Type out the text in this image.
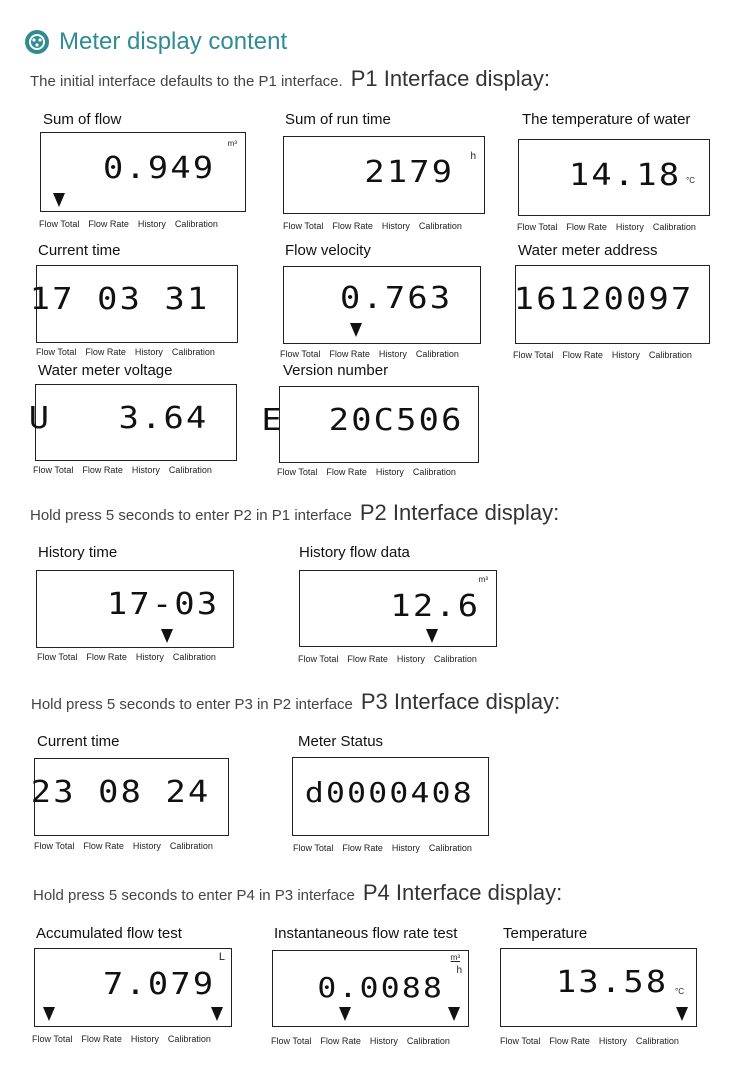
Meter display content
The initial interface defaults to the P1 interface. P1 Interface display:
Sum of flow
0.949
m³
Flow Total Flow Rate History Calibration
Sum of run time
2179 h
Flow Total Flow Rate History Calibration
The temperature of water
14.18 °C
Flow Total Flow Rate History Calibration
Current time
17 03 31
Flow Total Flow Rate History Calibration
Flow velocity
0.763
Flow Total Flow Rate History Calibration
Water meter address
16120097
Flow Total Flow Rate History Calibration
Water meter voltage
U   3.64
Flow Total Flow Rate History Calibration
Version number
E  20C506
Flow Total Flow Rate History Calibration
Hold press 5 seconds to enter P2 in P1 interface P2 Interface display:
History time
17-03
Flow Total Flow Rate History Calibration
History flow data
12.6
m³
Flow Total Flow Rate History Calibration
Hold press 5 seconds to enter P3 in P2 interface P3 Interface display:
Current time
23 08 24
Flow Total Flow Rate History Calibration
Meter Status
d0000408
Flow Total Flow Rate History Calibration
Hold press 5 seconds to enter P4 in P3 interface P4 Interface display:
Accumulated flow test
7.079
L
Flow Total Flow Rate History Calibration
Instantaneous flow rate test
0.0088
m³
h
Flow Total Flow Rate History Calibration
Temperature
13.58 °C
Flow Total Flow Rate History Calibration
